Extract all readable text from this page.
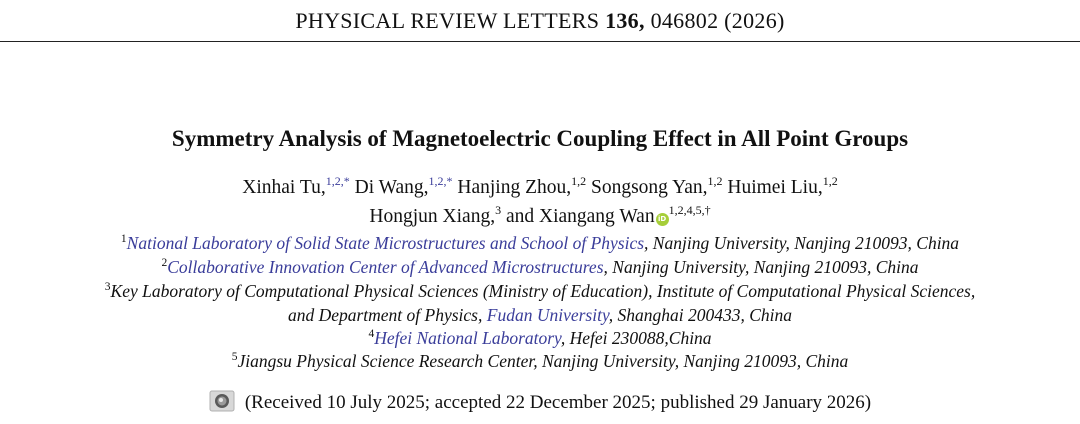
PHYSICAL REVIEW LETTERS 136, 046802 (2026)
Symmetry Analysis of Magnetoelectric Coupling Effect in All Point Groups
Xinhai Tu,$^{1,2,*}$ Di Wang,$^{1,2,*}$ Hanjing Zhou,$^{1,2}$ Songsong Yan,$^{1,2}$ Huimei Liu,$^{1,2}$
Hongjun Xiang,$^3$ and Xiangang Wan $iD^{1,2,4,5,\dagger}$
$^1$National Laboratory of Solid State Microstructures and School of Physics, Nanjing University, Nanjing 210093, China
$^2$Collaborative Innovation Center of Advanced Microstructures, Nanjing University, Nanjing 210093, China
$^3$Key Laboratory of Computational Physical Sciences (Ministry of Education), Institute of Computational Physical Sciences,
and Department of Physics, Fudan University, Shanghai 200433, China
$^4$Hefei National Laboratory, Hefei 230088,China
$^5$Jiangsu Physical Science Research Center, Nanjing University, Nanjing 210093, China
(Received 10 July 2025; accepted 22 December 2025; published 29 January 2026)
